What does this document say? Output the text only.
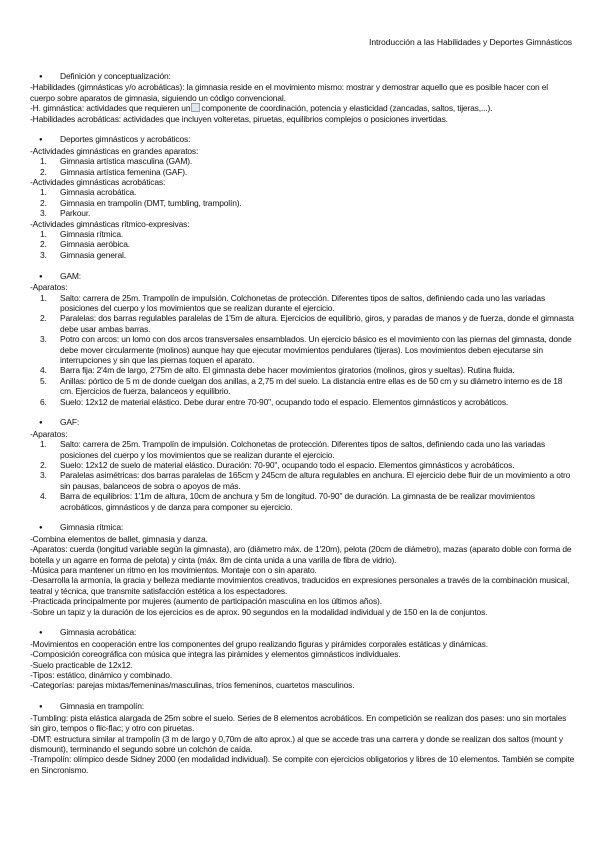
Introducción a las Habilidades y Deportes Gimnásticos
● Definición y conceptualización:

-Habilidades (gimnásticas y/o acrobáticas): la gimnasia reside en el movimiento mismo: mostrar y demostrar aquello que es posible hacer con el cuerpo sobre aparatos de gimnasia, siguiendo un código convencional.

-H. gimnástica: actividades que requieren un componente de coordinación, potencia y elasticidad (zancadas, saltos, tijeras,...).

-Habilidades acrobáticas: actividades que incluyen volteretas, piruetas, equilibrios complejos o posiciones invertidas.

● Deportes gimnásticos y acrobáticos:

-Actividades gimnásticas en grandes aparatos:

1.	Gimnasia artística masculina (GAM).
2.	Gimnasia artística femenina (GAF).

-Actividades gimnásticas acrobáticas:

1.	Gimnasia acrobática.
2.	Gimnasia en trampolín (DMT, tumbling, trampolín).
3.	Parkour.

-Actividades gimnásticas rítmico-expresivas:

1.	Gimnasia rítmica.
2.	Gimnasia aeróbica.
3.	Gimnasia general.
● GAM:

-Aparatos:

1.	Salto: carrera de 25m. Trampolín de impulsión. Colchonetas de protección. Diferentes tipos de saltos, definiendo cada uno las variadas posiciones del cuerpo y los movimientos que se realizan durante el ejercicio.
2.	Paralelas: dos barras regulables paralelas de 1'5m de altura. Ejercicios de equilibrio, giros, y paradas de manos y de fuerza, donde el gimnasta debe usar ambas barras.
3.	Potro con arcos: un lomo con dos arcos transversales ensamblados. Un ejercicio básico es el movimiento con las piernas del gimnasta, donde debe mover circularmente (molinos) aunque hay que ejecutar movimientos pendulares (tijeras). Los movimientos deben ejecutarse sin interrupciones y sin que las piernas toquen el aparato.
4.	Barra fija: 2'4m de largo, 2'75m de alto. El gimnasta debe hacer movimientos giratorios (molinos, giros y sueltas). Rutina fluida.
5.	Anillas: pórtico de 5 m de donde cuelgan dos anillas, a 2,75 m del suelo. La distancia entre ellas es de 50 cm y su diámetro interno es de 18 cm. Ejercicios de fuerza, balanceos y equilibrio.
6.	Suelo: 12x12 de material elástico. Debe durar entre 70-90", ocupando todo el espacio. Elementos gimnásticos y acrobáticos.
● GAF:

-Aparatos:

1.	Salto: carrera de 25m. Trampolín de impulsión. Colchonetas de protección. Diferentes tipos de saltos, definiendo cada uno las variadas posiciones del cuerpo y los movimientos que se realizan durante el ejercicio.
2.	Suelo: 12x12 de suelo de material elástico. Duración: 70-90", ocupando todo el espacio. Elementos gimnásticos y acrobáticos.
3.	Paralelas asimétricas: dos barras paralelas de 165cm y 245cm de altura regulables en anchura. El ejercicio debe fluir de un movimiento a otro sin pausas, balanceos de sobra o apoyos de más.
4.	Barra de equilibrios: 1'1m de altura, 10cm de anchura y 5m de longitud. 70-90" de duración. La gimnasta de be realizar movimientos acrobáticos, gimnásticos y de danza para componer su ejercicio.
● Gimnasia rítmica:

-Combina elementos de ballet, gimnasia y danza.

-Aparatos: cuerda (longitud variable según la gimnasta), aro (diámetro máx. de 1'20m), pelota (20cm de diámetro), mazas (aparato doble con forma de botella y un agarre en forma de pelota) y cinta (máx. 8m de cinta unida a una varilla de fibra de vidrio).

-Música para mantener un ritmo en los movimientos. Montaje con o sin aparato.

-Desarrolla la armonía, la gracia y belleza mediante movimientos creativos, traducidos en expresiones personales a través de la combinación musical, teatral y técnica, que transmite satisfacción estética a los espectadores.

-Practicada principalmente por mujeres (aumento de participación masculina en los últimos años).

-Sobre un tapiz y la duración de los ejercicios es de aprox. 90 segundos en la modalidad individual y de 150 en la de conjuntos.

● Gimnasia acrobática:

-Movimientos en cooperación entre los componentes del grupo realizando figuras y pirámides corporales estáticas y dinámicas.

-Composición coreográfica con música que integra las pirámides y elementos gimnásticos individuales.

-Suelo practicable de 12x12.

-Tipos: estático, dinámico y combinado.

-Categorías: parejas mixtas/femeninas/masculinas, tríos femeninos, cuartetos masculinos.

● Gimnasia en trampolín:

-Tumbling: pista elástica alargada de 25m sobre el suelo. Series de 8 elementos acrobáticos. En competición se realizan dos pases: uno sin mortales sin giro, tempos o flic-flac; y otro con piruetas.

-DMT: estructura similar al trampolín (3 m de largo y 0,70m de alto aprox.) al que se accede tras una carrera y donde se realizan dos saltos (mount y dismount), terminando el segundo sobre un colchón de caída.

-Trampolín: olímpico desde Sidney 2000 (en modalidad individual). Se compite con ejercicios obligatorios y libres de 10 elementos. También se compite en Sincronismo.
